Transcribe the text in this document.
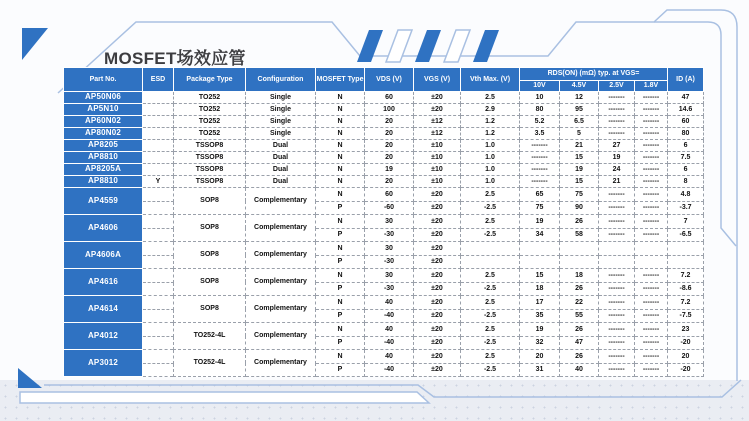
MOSFET场效应管
Part No.	ESD	Package Type	Configuration	MOSFET Type	VDS (V)	VGS (V)	Vth Max. (V)	RDS(ON) (mΩ) typ. at VGS=				ID (A)
								10V	4.5V	2.5V	1.8V	
AP50N06		TO252	Single	N	60	±20	2.5	10	12	-------	-------	47
AP5N10		TO252	Single	N	100	±20	2.9	80	95	-------	-------	14.6
AP60N02		TO252	Single	N	20	±12	1.2	5.2	6.5	-------	-------	60
AP80N02		TO252	Single	N	20	±12	1.2	3.5	5	-------	-------	80
AP8205		TSSOP8	Dual	N	20	±10	1.0	-------	21	27	-------	6
AP8810		TSSOP8	Dual	N	20	±10	1.0	-------	15	19	-------	7.5
AP8205A		TSSOP8	Dual	N	19	±10	1.0	-------	19	24	-------	6
AP8810	Y	TSSOP8	Dual	N	20	±10	1.0	-------	15	21	-------	8
AP4559		SOP8	Complementary	N	60	±20	2.5	65	75	-------	-------	4.8
				P	-60	±20	-2.5	75	90	-------	-------	-3.7
AP4606		SOP8	Complementary	N	30	±20	2.5	19	26	-------	-------	7
				P	-30	±20	-2.5	34	58	-------	-------	-6.5
AP4606A		SOP8	Complementary	N	30	±20						
				P	-30	±20						
AP4616		SOP8	Complementary	N	30	±20	2.5	15	18	-------	-------	7.2
				P	-30	±20	-2.5	18	26	-------	-------	-8.6
AP4614		SOP8	Complementary	N	40	±20	2.5	17	22	-------	-------	7.2
				P	-40	±20	-2.5	35	55	-------	-------	-7.5
AP4012		TO252-4L	Complementary	N	40	±20	2.5	19	26	-------	-------	23
				P	-40	±20	-2.5	32	47	-------	-------	-20
AP3012		TO252-4L	Complementary	N	40	±20	2.5	20	26	-------	-------	20
				P	-40	±20	-2.5	31	40	-------	-------	-20
